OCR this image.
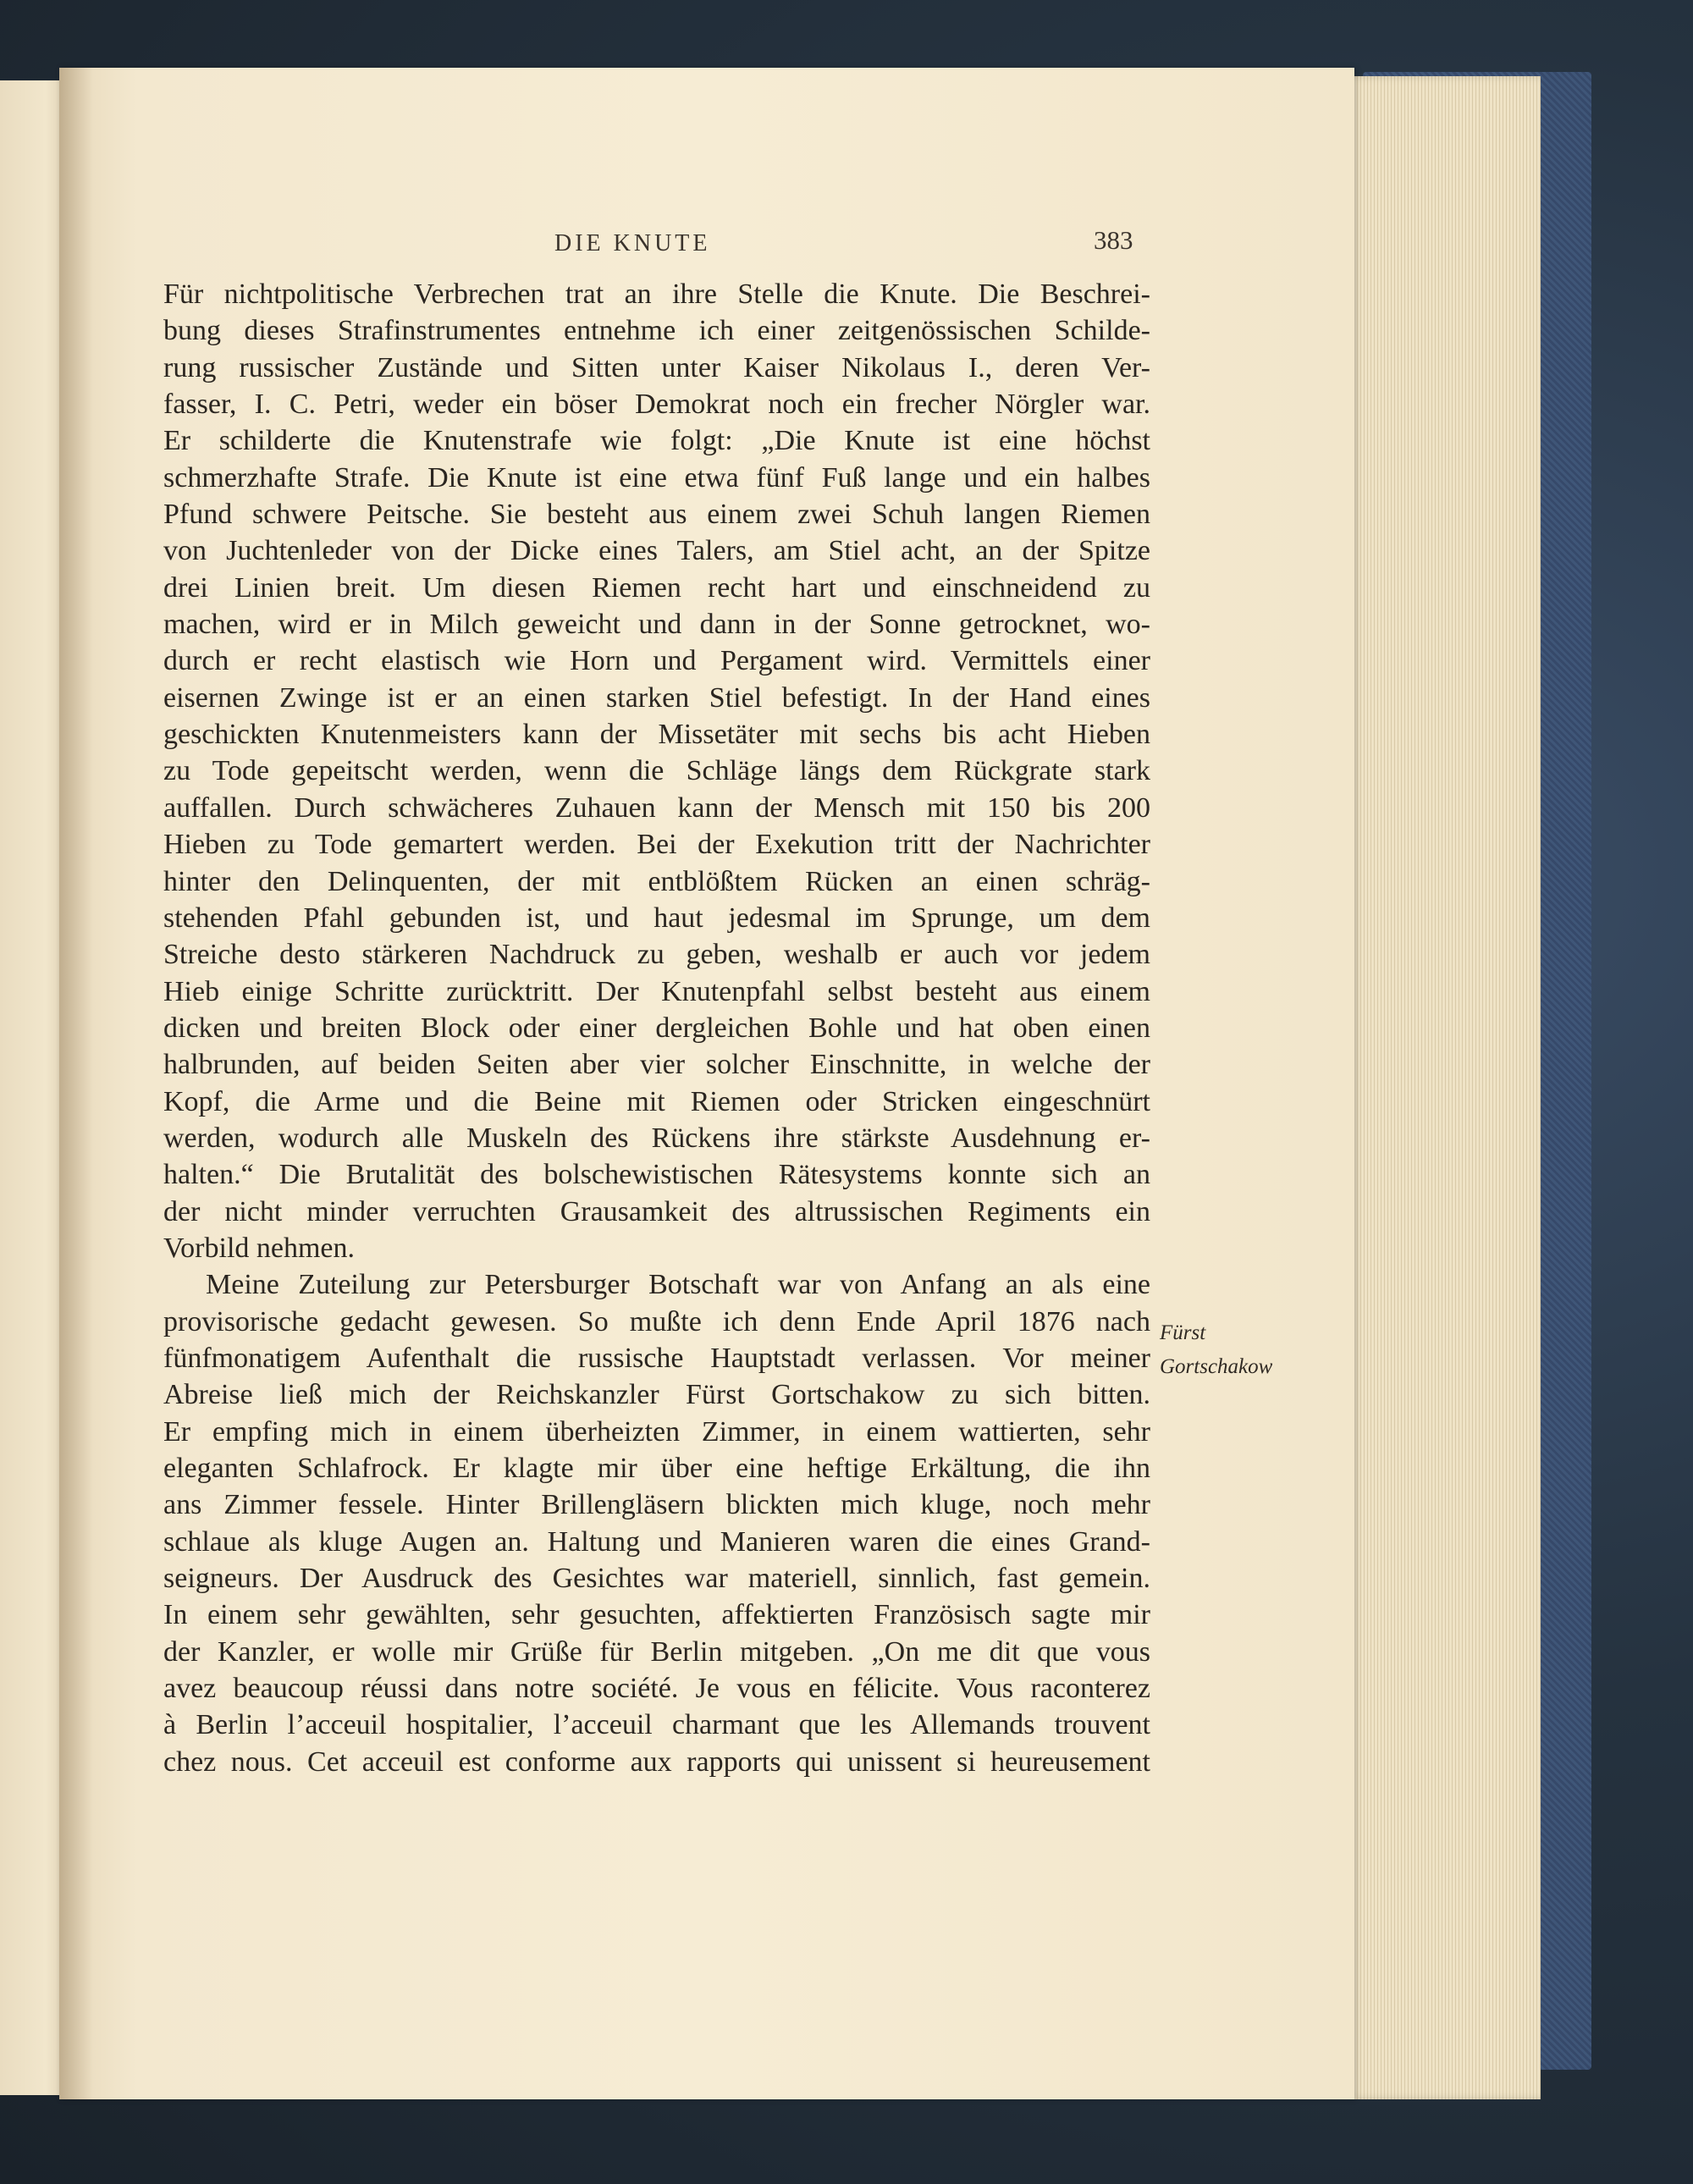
DIE KNUTE	383
Für nichtpolitische Verbrechen trat an ihre Stelle die Knute. Die Beschrei-
bung dieses Strafinstrumentes entnehme ich einer zeitgenössischen Schilde-
rung russischer Zustände und Sitten unter Kaiser Nikolaus I., deren Ver-
fasser, I. C. Petri, weder ein böser Demokrat noch ein frecher Nörgler war.
Er schilderte die Knutenstrafe wie folgt: „Die Knute ist eine höchst
schmerzhafte Strafe. Die Knute ist eine etwa fünf Fuß lange und ein halbes
Pfund schwere Peitsche. Sie besteht aus einem zwei Schuh langen Riemen
von Juchtenleder von der Dicke eines Talers, am Stiel acht, an der Spitze
drei Linien breit. Um diesen Riemen recht hart und einschneidend zu
machen, wird er in Milch geweicht und dann in der Sonne getrocknet, wo-
durch er recht elastisch wie Horn und Pergament wird. Vermittels einer
eisernen Zwinge ist er an einen starken Stiel befestigt. In der Hand eines
geschickten Knutenmeisters kann der Missetäter mit sechs bis acht Hieben
zu Tode gepeitscht werden, wenn die Schläge längs dem Rückgrate stark
auffallen. Durch schwächeres Zuhauen kann der Mensch mit 150 bis 200
Hieben zu Tode gemartert werden. Bei der Exekution tritt der Nachrichter
hinter den Delinquenten, der mit entblößtem Rücken an einen schräg-
stehenden Pfahl gebunden ist, und haut jedesmal im Sprunge, um dem
Streiche desto stärkeren Nachdruck zu geben, weshalb er auch vor jedem
Hieb einige Schritte zurücktritt. Der Knutenpfahl selbst besteht aus einem
dicken und breiten Block oder einer dergleichen Bohle und hat oben einen
halbrunden, auf beiden Seiten aber vier solcher Einschnitte, in welche der
Kopf, die Arme und die Beine mit Riemen oder Stricken eingeschnürt
werden, wodurch alle Muskeln des Rückens ihre stärkste Ausdehnung er-
halten.“ Die Brutalität des bolschewistischen Rätesystems konnte sich an
der nicht minder verruchten Grausamkeit des altrussischen Regiments ein
Vorbild nehmen.
Meine Zuteilung zur Petersburger Botschaft war von Anfang an als eine
provisorische gedacht gewesen. So mußte ich denn Ende April 1876 nach
fünfmonatigem Aufenthalt die russische Hauptstadt verlassen. Vor meiner
Abreise ließ mich der Reichskanzler Fürst Gortschakow zu sich bitten.
Er empfing mich in einem überheizten Zimmer, in einem wattierten, sehr
eleganten Schlafrock. Er klagte mir über eine heftige Erkältung, die ihn
ans Zimmer fessele. Hinter Brillengläsern blickten mich kluge, noch mehr
schlaue als kluge Augen an. Haltung und Manieren waren die eines Grand-
seigneurs. Der Ausdruck des Gesichtes war materiell, sinnlich, fast gemein.
In einem sehr gewählten, sehr gesuchten, affektierten Französisch sagte mir
der Kanzler, er wolle mir Grüße für Berlin mitgeben. „On me dit que vous
avez beaucoup réussi dans notre société. Je vous en félicite. Vous raconterez
à Berlin l’acceuil hospitalier, l’acceuil charmant que les Allemands trouvent
chez nous. Cet acceuil est conforme aux rapports qui unissent si heureusement
Fürst
Gortschakow
